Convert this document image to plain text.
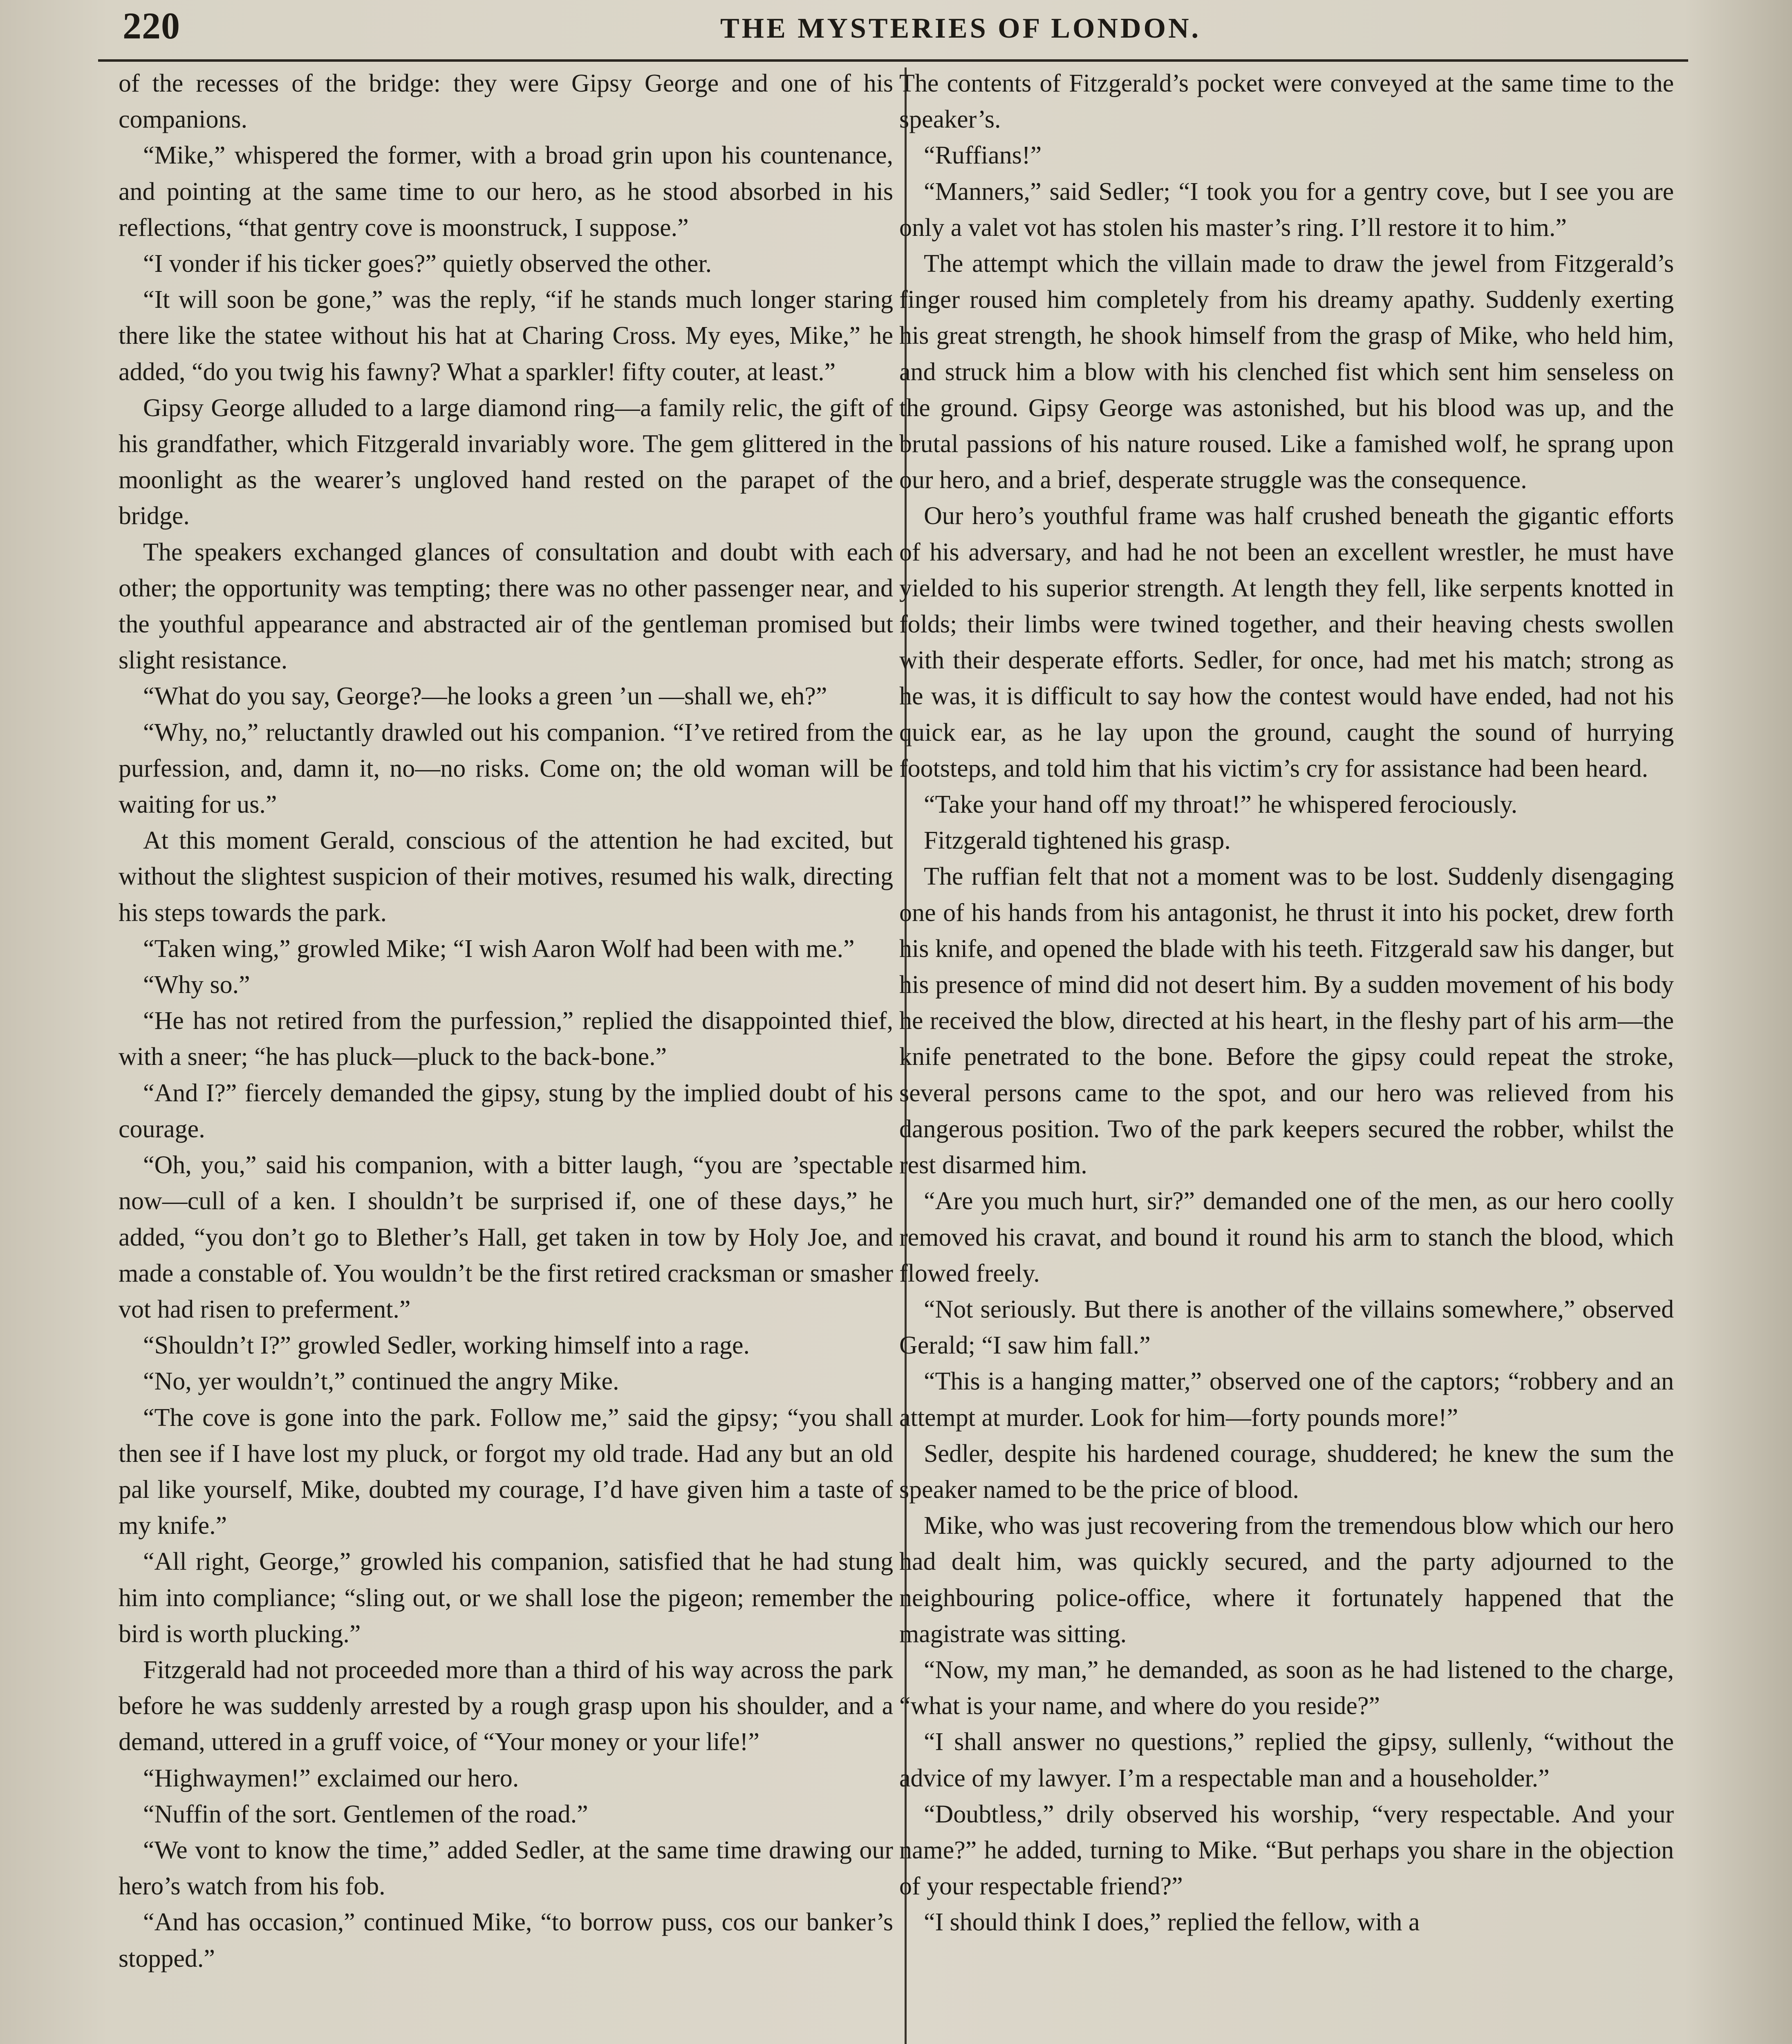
220	THE MYSTERIES OF LONDON.

of the recesses of the bridge: they were Gipsy George and one of his companions.

“Mike,” whispered the former, with a broad grin upon his countenance, and pointing at the same time to our hero, as he stood absorbed in his reflections, “that gentry cove is moonstruck, I suppose.”

“I vonder if his ticker goes?” quietly observed the other.

“It will soon be gone,” was the reply, “if he stands much longer staring there like the statee without his hat at Charing Cross. My eyes, Mike,” he added, “do you twig his fawny? What a sparkler! fifty couter, at least.”

Gipsy George alluded to a large diamond ring—a family relic, the gift of his grandfather, which Fitzgerald invariably wore. The gem glittered in the moonlight as the wearer’s ungloved hand rested on the parapet of the bridge.

The speakers exchanged glances of consultation and doubt with each other; the opportunity was tempting; there was no other passenger near, and the youthful appearance and abstracted air of the gentleman promised but slight resistance.

“What do you say, George?—he looks a green ’un —shall we, eh?”

“Why, no,” reluctantly drawled out his companion. “I’ve retired from the purfession, and, damn it, no—no risks. Come on; the old woman will be waiting for us.”

At this moment Gerald, conscious of the attention he had excited, but without the slightest suspicion of their motives, resumed his walk, directing his steps towards the park.

“Taken wing,” growled Mike; “I wish Aaron Wolf had been with me.”

“Why so.”

“He has not retired from the purfession,” replied the disappointed thief, with a sneer; “he has pluck—pluck to the back-bone.”

“And I?” fiercely demanded the gipsy, stung by the implied doubt of his courage.

“Oh, you,” said his companion, with a bitter laugh, “you are ’spectable now—cull of a ken. I shouldn’t be surprised if, one of these days,” he added, “you don’t go to Blether’s Hall, get taken in tow by Holy Joe, and made a constable of. You wouldn’t be the first retired cracksman or smasher vot had risen to preferment.”

“Shouldn’t I?” growled Sedler, working himself into a rage.

“No, yer wouldn’t,” continued the angry Mike.

“The cove is gone into the park. Follow me,” said the gipsy; “you shall then see if I have lost my pluck, or forgot my old trade. Had any but an old pal like yourself, Mike, doubted my courage, I’d have given him a taste of my knife.”

“All right, George,” growled his companion, satisfied that he had stung him into compliance; “sling out, or we shall lose the pigeon; remember the bird is worth plucking.”

Fitzgerald had not proceeded more than a third of his way across the park before he was suddenly arrested by a rough grasp upon his shoulder, and a demand, uttered in a gruff voice, of “Your money or your life!”

“Highwaymen!” exclaimed our hero.

“Nuffin of the sort. Gentlemen of the road.”

“We vont to know the time,” added Sedler, at the same time drawing our hero’s watch from his fob.

“And has occasion,” continued Mike, “to borrow puss, cos our banker’s stopped.”

The contents of Fitzgerald’s pocket were conveyed at the same time to the speaker’s.

“Ruffians!”

“Manners,” said Sedler; “I took you for a gentry cove, but I see you are only a valet vot has stolen his master’s ring. I’ll restore it to him.”

The attempt which the villain made to draw the jewel from Fitzgerald’s finger roused him completely from his dreamy apathy. Suddenly exerting his great strength, he shook himself from the grasp of Mike, who held him, and struck him a blow with his clenched fist which sent him senseless on the ground. Gipsy George was astonished, but his blood was up, and the brutal passions of his nature roused. Like a famished wolf, he sprang upon our hero, and a brief, desperate struggle was the consequence.

Our hero’s youthful frame was half crushed beneath the gigantic efforts of his adversary, and had he not been an excellent wrestler, he must have yielded to his superior strength. At length they fell, like serpents knotted in folds; their limbs were twined together, and their heaving chests swollen with their desperate efforts. Sedler, for once, had met his match; strong as he was, it is difficult to say how the contest would have ended, had not his quick ear, as he lay upon the ground, caught the sound of hurrying footsteps, and told him that his victim’s cry for assistance had been heard.

“Take your hand off my throat!” he whispered ferociously.

Fitzgerald tightened his grasp.

The ruffian felt that not a moment was to be lost. Suddenly disengaging one of his hands from his antagonist, he thrust it into his pocket, drew forth his knife, and opened the blade with his teeth. Fitzgerald saw his danger, but his presence of mind did not desert him. By a sudden movement of his body he received the blow, directed at his heart, in the fleshy part of his arm—the knife penetrated to the bone. Before the gipsy could repeat the stroke, several persons came to the spot, and our hero was relieved from his dangerous position. Two of the park keepers secured the robber, whilst the rest disarmed him.

“Are you much hurt, sir?” demanded one of the men, as our hero coolly removed his cravat, and bound it round his arm to stanch the blood, which flowed freely.

“Not seriously. But there is another of the villains somewhere,” observed Gerald; “I saw him fall.”

“This is a hanging matter,” observed one of the captors; “robbery and an attempt at murder. Look for him—forty pounds more!”

Sedler, despite his hardened courage, shuddered; he knew the sum the speaker named to be the price of blood.

Mike, who was just recovering from the tremendous blow which our hero had dealt him, was quickly secured, and the party adjourned to the neighbouring police-office, where it fortunately happened that the magistrate was sitting.

“Now, my man,” he demanded, as soon as he had listened to the charge, “what is your name, and where do you reside?”

“I shall answer no questions,” replied the gipsy, sullenly, “without the advice of my lawyer. I’m a respectable man and a householder.”

“Doubtless,” drily observed his worship, “very respectable. And your name?” he added, turning to Mike. “But perhaps you share in the objection of your respectable friend?”

“I should think I does,” replied the fellow, with a
